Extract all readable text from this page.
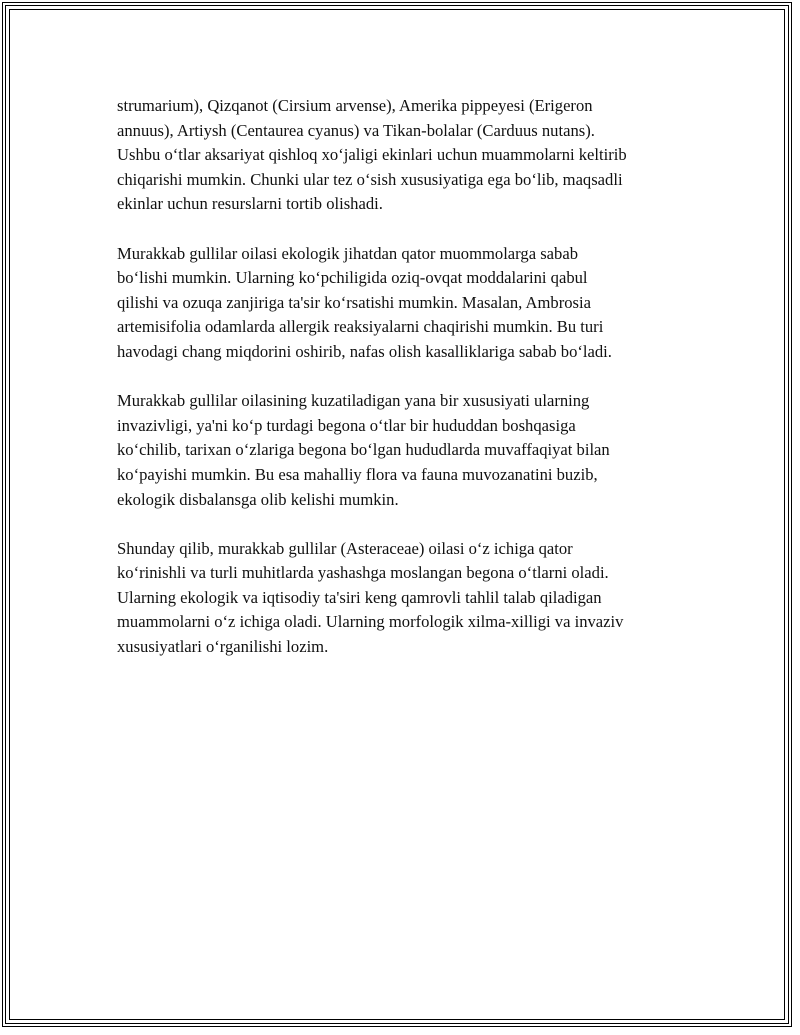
strumarium), Qizqanot (Cirsium arvense), Amerika pippeyesi (Erigeron
annuus), Artiysh (Centaurea cyanus) va Tikan-bolalar (Carduus nutans).
Ushbu o‘tlar aksariyat qishloq xo‘jaligi ekinlari uchun muammolarni keltirib
chiqarishi mumkin. Chunki ular tez o‘sish xususiyatiga ega bo‘lib, maqsadli
ekinlar uchun resurslarni tortib olishadi.

Murakkab gullilar oilasi ekologik jihatdan qator muommolarga sabab
bo‘lishi mumkin. Ularning ko‘pchiligida oziq-ovqat moddalarini qabul
qilishi va ozuqa zanjiriga ta'sir ko‘rsatishi mumkin. Masalan, Ambrosia
artemisifolia odamlarda allergik reaksiyalarni chaqirishi mumkin. Bu turi
havodagi chang miqdorini oshirib, nafas olish kasalliklariga sabab bo‘ladi.

Murakkab gullilar oilasining kuzatiladigan yana bir xususiyati ularning
invazivligi, ya'ni ko‘p turdagi begona o‘tlar bir hududdan boshqasiga
ko‘chilib, tarixan o‘zlariga begona bo‘lgan hududlarda muvaffaqiyat bilan
ko‘payishi mumkin. Bu esa mahalliy flora va fauna muvozanatini buzib,
ekologik disbalansga olib kelishi mumkin.

Shunday qilib, murakkab gullilar (Asteraceae) oilasi o‘z ichiga qator
ko‘rinishli va turli muhitlarda yashashga moslangan begona o‘tlarni oladi.
Ularning ekologik va iqtisodiy ta'siri keng qamrovli tahlil talab qiladigan
muammolarni o‘z ichiga oladi. Ularning morfologik xilma-xilligi va invaziv
xususiyatlari o‘rganilishi lozim.
